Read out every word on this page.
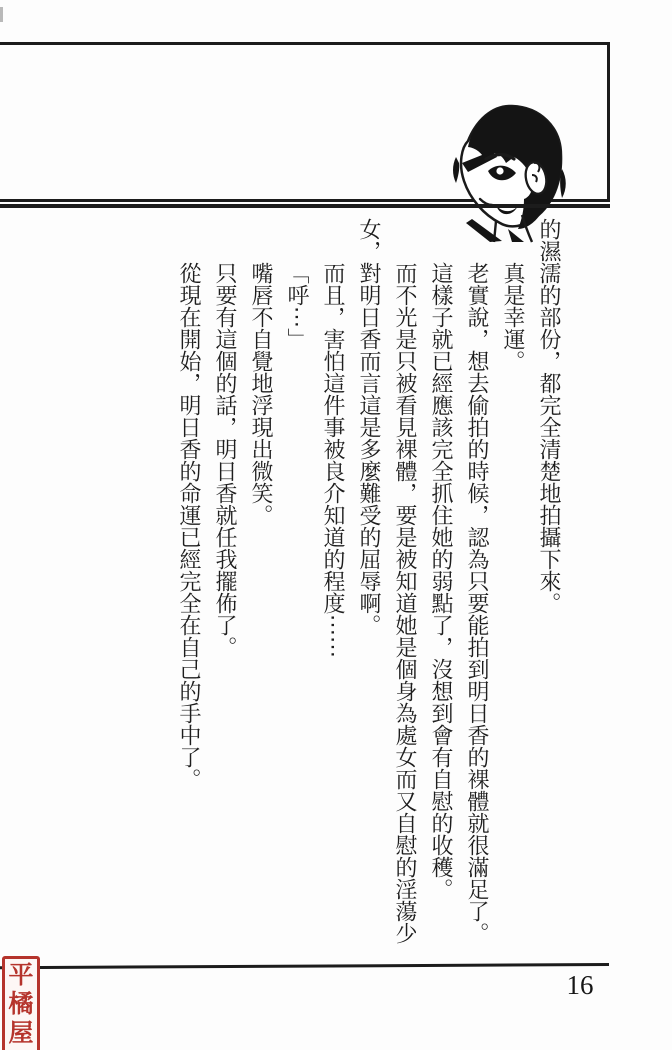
的濕濡的部份，都完全清楚地拍攝下來。

真是幸運。

老實說，想去偷拍的時候，認為只要能拍到明日香的裸體就很滿足了。

這樣子就已經應該完全抓住她的弱點了，沒想到會有自慰的收穫。

而不光是只被看見裸體，要是被知道她是個身為處女而又自慰的淫蕩少女，對明日香而言這是多麼難受的屈辱啊。

而且，害怕這件事被良介知道的程度⋯⋯

「呼⋯」

嘴唇不自覺地浮現出微笑。

只要有這個的話，明日香就任我擺佈了。

從現在開始，明日香的命運已經完全在自己的手中了。

16
平
橘
屋
